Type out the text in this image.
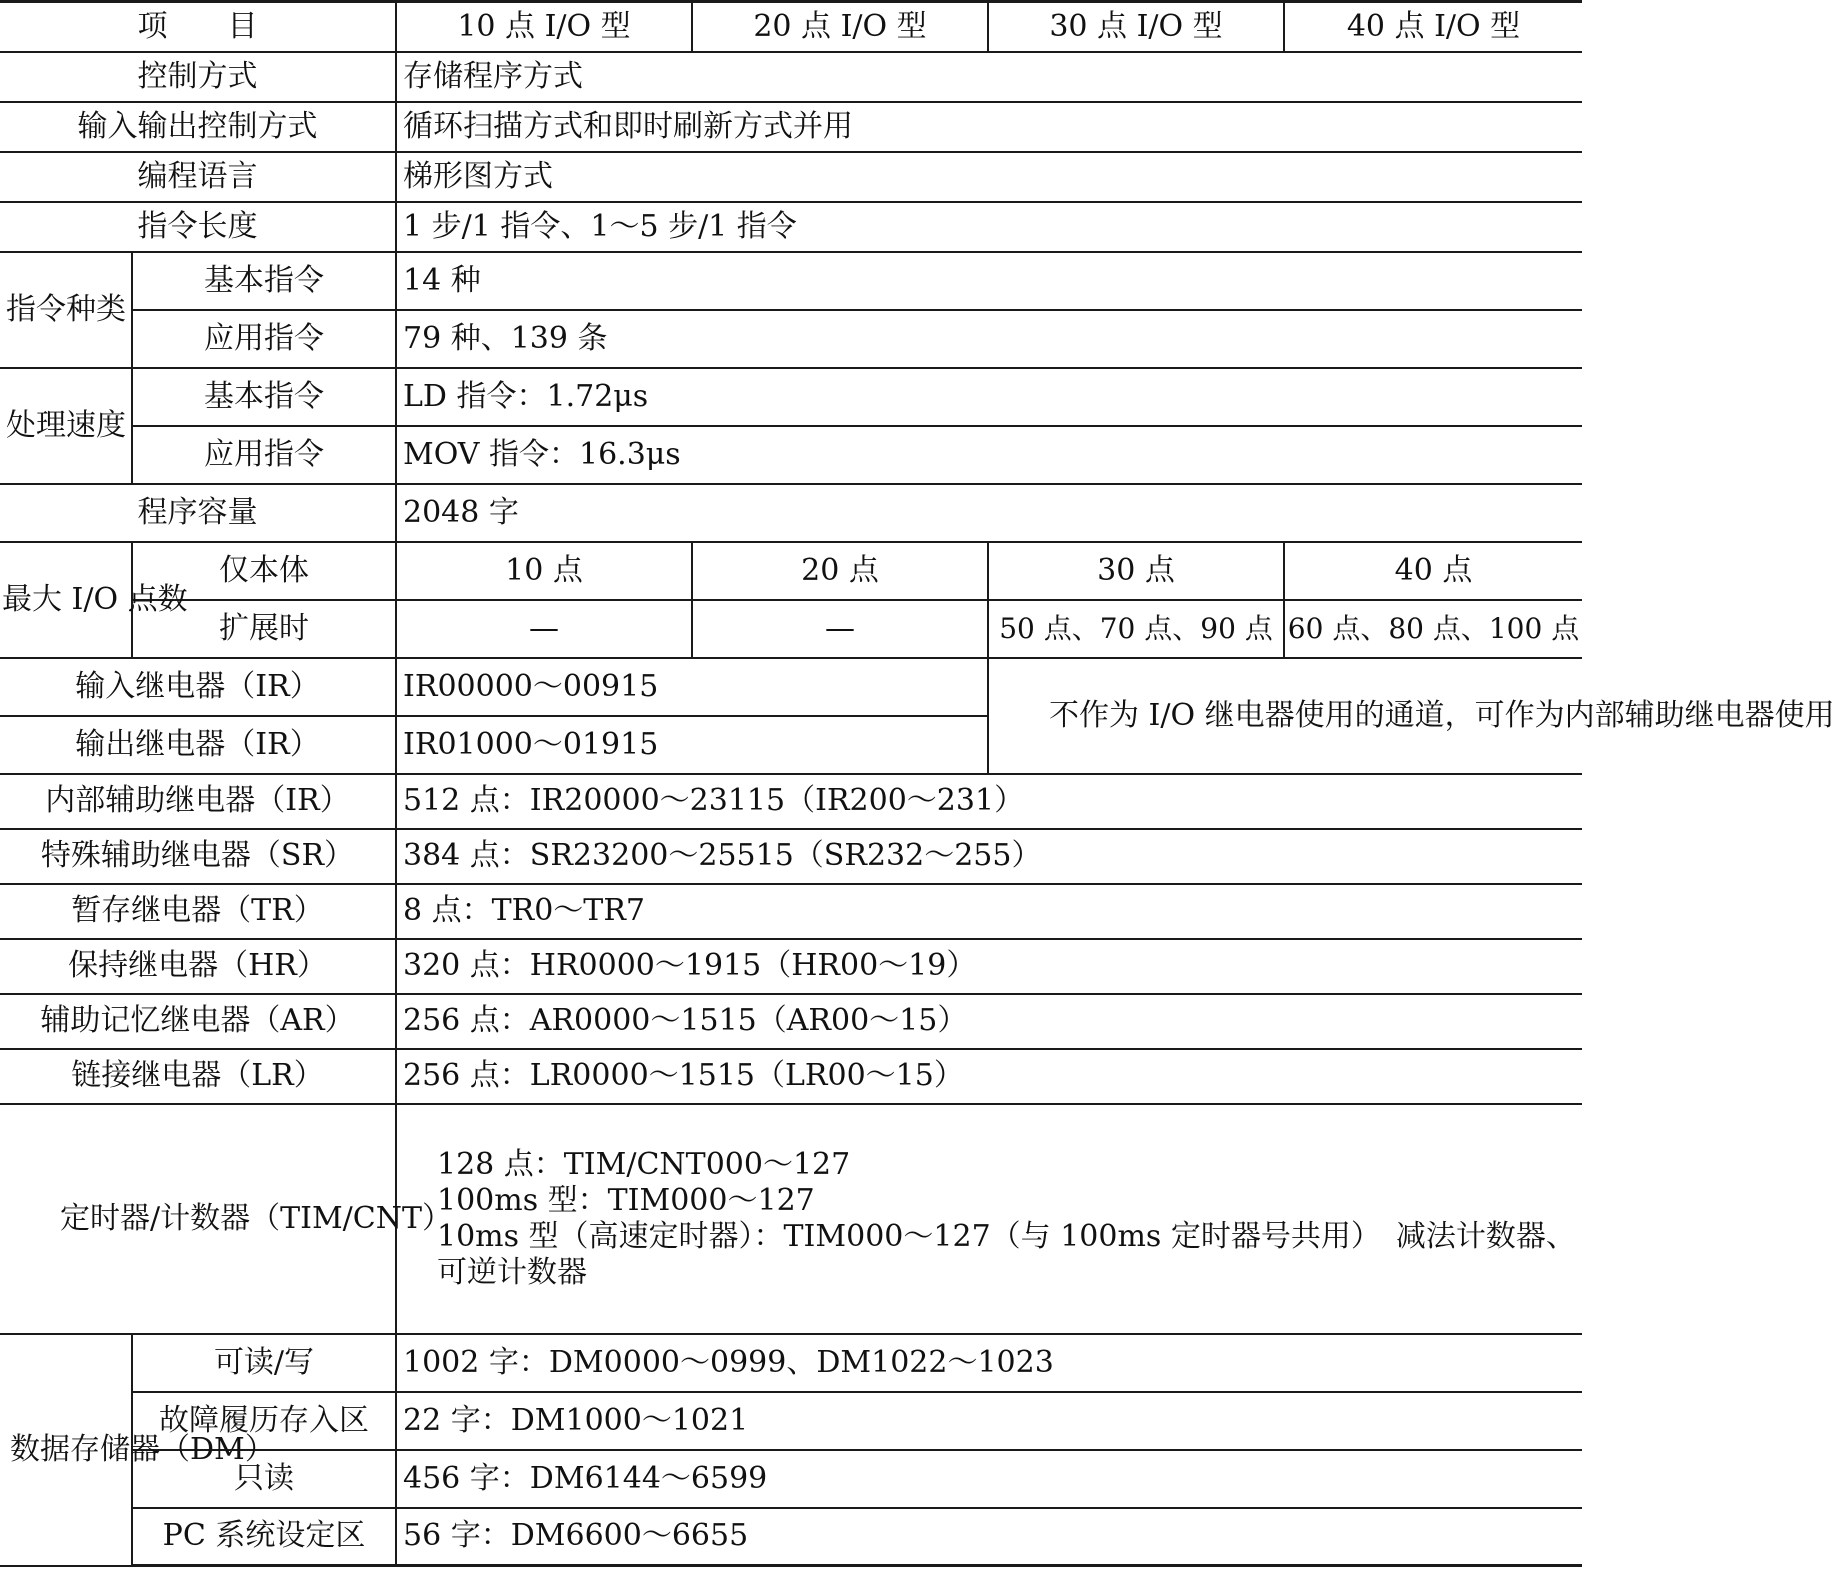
项　　目		10 点 I/O 型	20 点 I/O 型	30 点 I/O 型	40 点 I/O 型
控制方式		存储程序方式			
输入输出控制方式		循环扫描方式和即时刷新方式并用			
编程语言		梯形图方式			
指令长度		1 步/1 指令、1～5 步/1 指令			
指令种类	基本指令	14 种			
	应用指令	79 种、139 条			
处理速度	基本指令	LD 指令：1.72μs			
	应用指令	MOV 指令：16.3μs			
程序容量		2048 字			
最大 I/O 点数	仅本体	10 点	20 点	30 点	40 点
	扩展时	—	—	50 点、70 点、90 点	60 点、80 点、100 点
输入继电器（IR）		IR00000～00915		不作为 I/O 继电器使用的通道，可作为内部辅助继电器使用	
输出继电器（IR）		IR01000～01915			
内部辅助继电器（IR）		512 点：IR20000～23115（IR200～231）			
特殊辅助继电器（SR）		384 点：SR23200～25515（SR232～255）			
暂存继电器（TR）		8 点：TR0～TR7			
保持继电器（HR）		320 点：HR0000～1915（HR00～19）			
辅助记忆继电器（AR）		256 点：AR0000～1515（AR00～15）			
链接继电器（LR）		256 点：LR0000～1515（LR00～15）			
定时器/计数器（TIM/CNT）		128 点：TIM/CNT000～127
100ms 型：TIM000～127
10ms 型（高速定时器）：TIM000～127（与 100ms 定时器号共用）　减法计数器、可逆计数器			

数据存储器（DM）	可读/写	1002 字：DM0000～0999、DM1022～1023			
	故障履历存入区	22 字：DM1000～1021			
	只读	456 字：DM6144～6599			
	PC 系统设定区	56 字：DM6600～6655			
